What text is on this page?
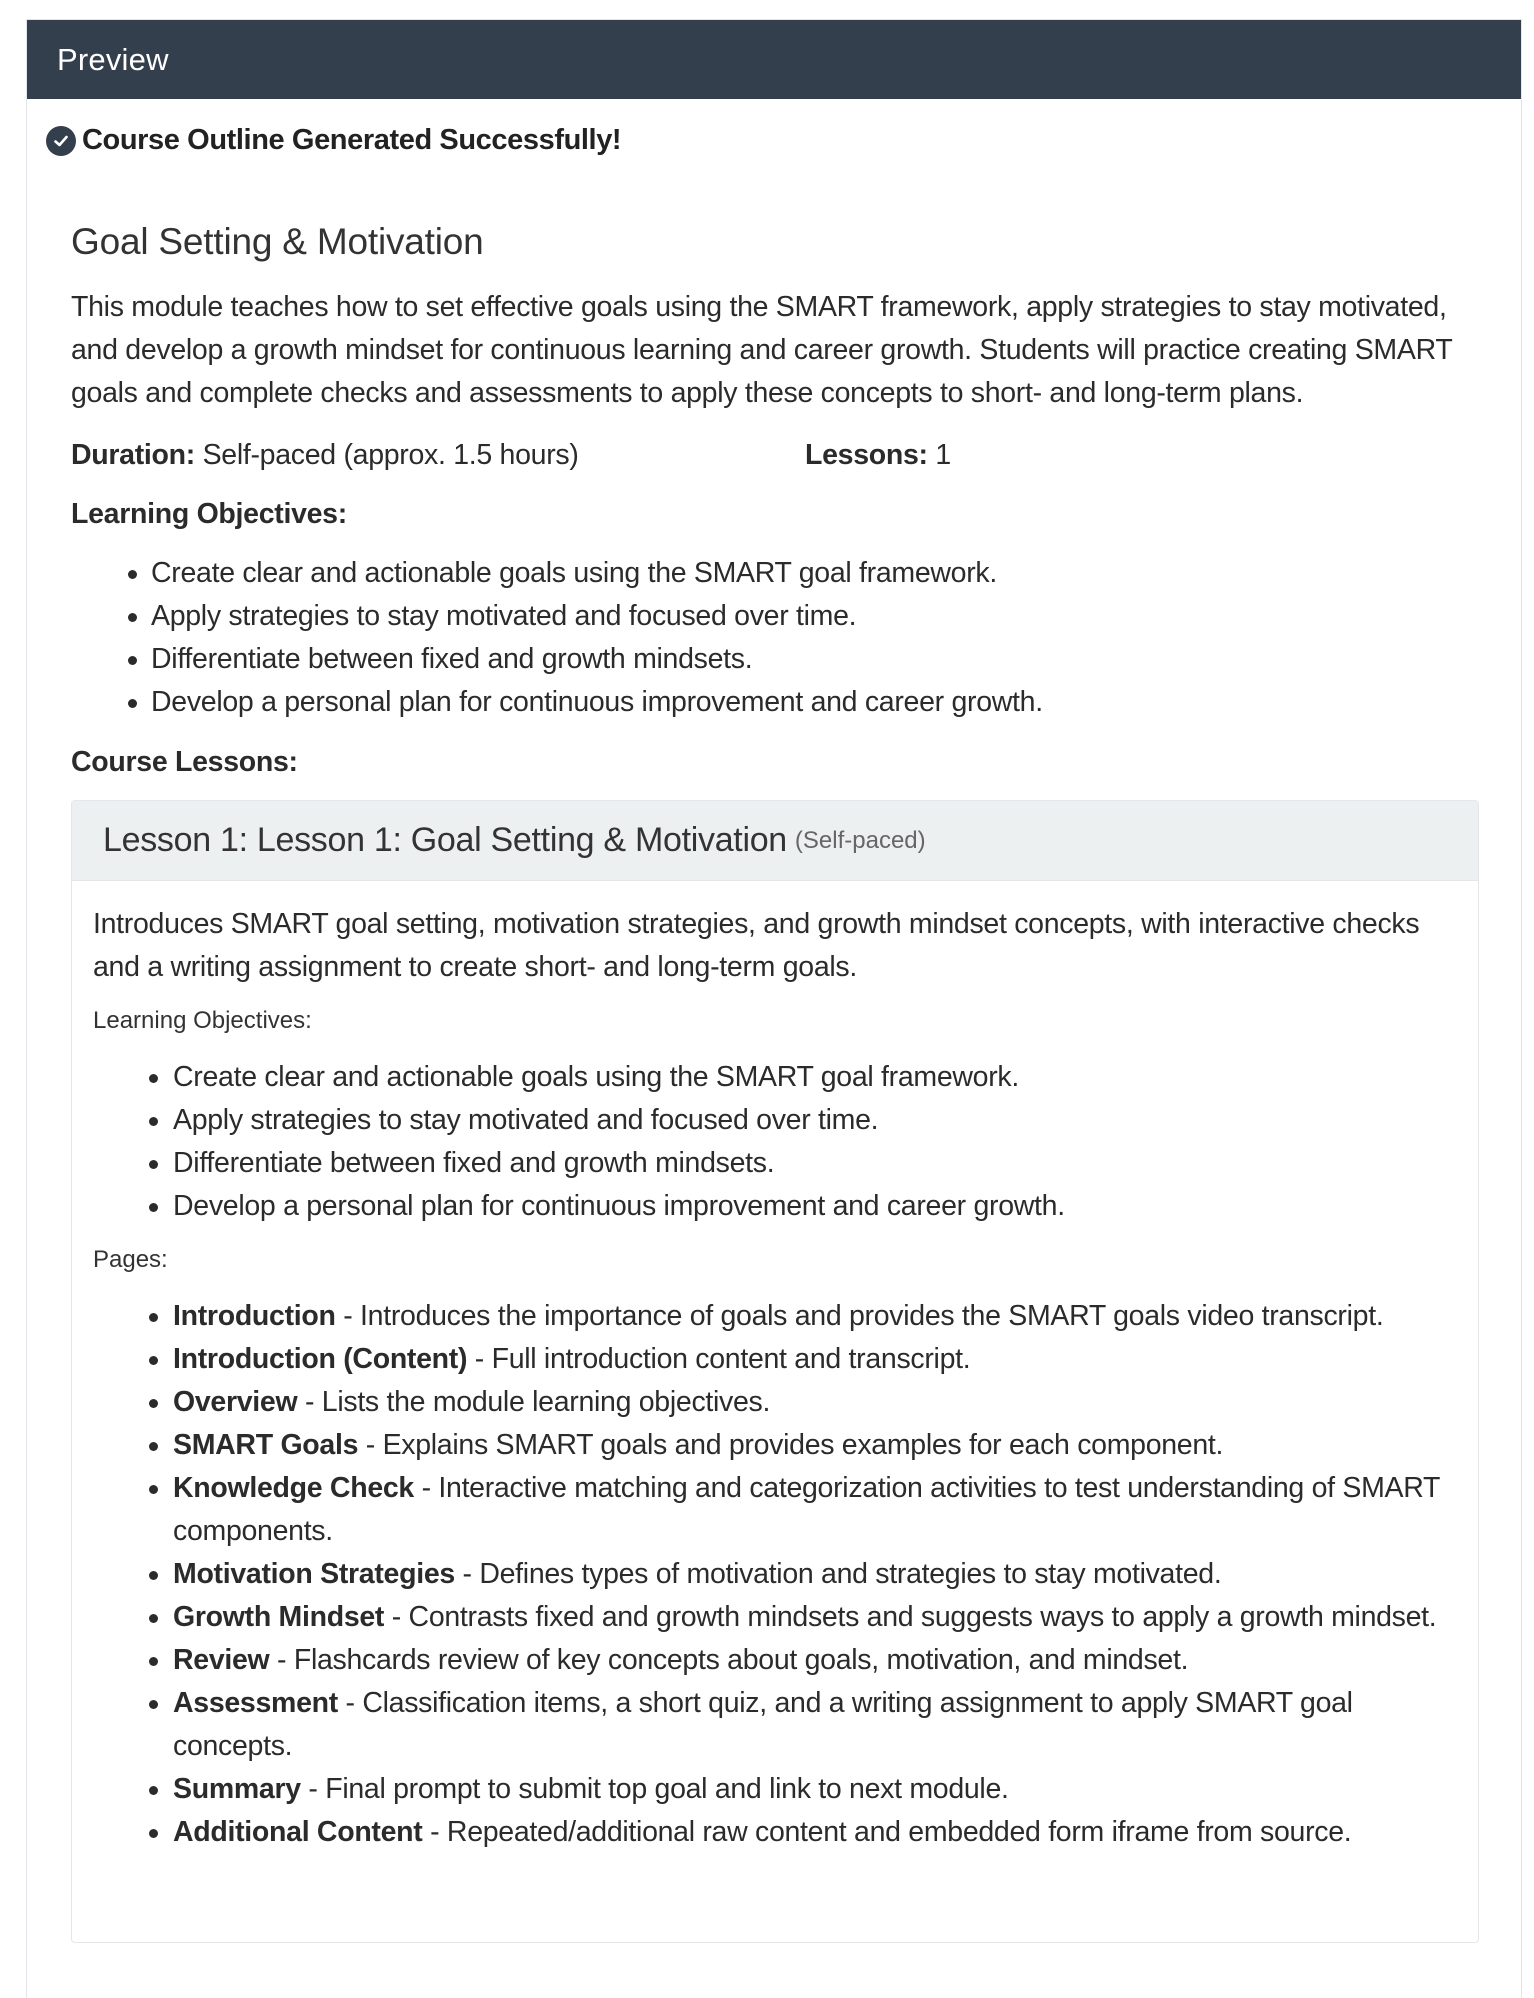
Preview
Course Outline Generated Successfully!
Goal Setting & Motivation

This module teaches how to set effective goals using the SMART framework, apply strategies to stay motivated, and develop a growth mindset for continuous learning and career growth. Students will practice creating SMART goals and complete checks and assessments to apply these concepts to short- and long-term plans.

Duration: Self-paced (approx. 1.5 hours)	Lessons: 1
Learning Objectives:
Create clear and actionable goals using the SMART goal framework.
Apply strategies to stay motivated and focused over time.
Differentiate between fixed and growth mindsets.
Develop a personal plan for continuous improvement and career growth.
Course Lessons:
Lesson 1: Lesson 1: Goal Setting & Motivation (Self-paced)

Introduces SMART goal setting, motivation strategies, and growth mindset concepts, with interactive checks and a writing assignment to create short- and long-term goals.

Learning Objectives:
Create clear and actionable goals using the SMART goal framework.
Apply strategies to stay motivated and focused over time.
Differentiate between fixed and growth mindsets.
Develop a personal plan for continuous improvement and career growth.
Pages:
Introduction - Introduces the importance of goals and provides the SMART goals video transcript.
Introduction (Content) - Full introduction content and transcript.
Overview - Lists the module learning objectives.
SMART Goals - Explains SMART goals and provides examples for each component.
Knowledge Check - Interactive matching and categorization activities to test understanding of SMART components.
Motivation Strategies - Defines types of motivation and strategies to stay motivated.
Growth Mindset - Contrasts fixed and growth mindsets and suggests ways to apply a growth mindset.
Review - Flashcards review of key concepts about goals, motivation, and mindset.
Assessment - Classification items, a short quiz, and a writing assignment to apply SMART goal concepts.
Summary - Final prompt to submit top goal and link to next module.
Additional Content - Repeated/additional raw content and embedded form iframe from source.
